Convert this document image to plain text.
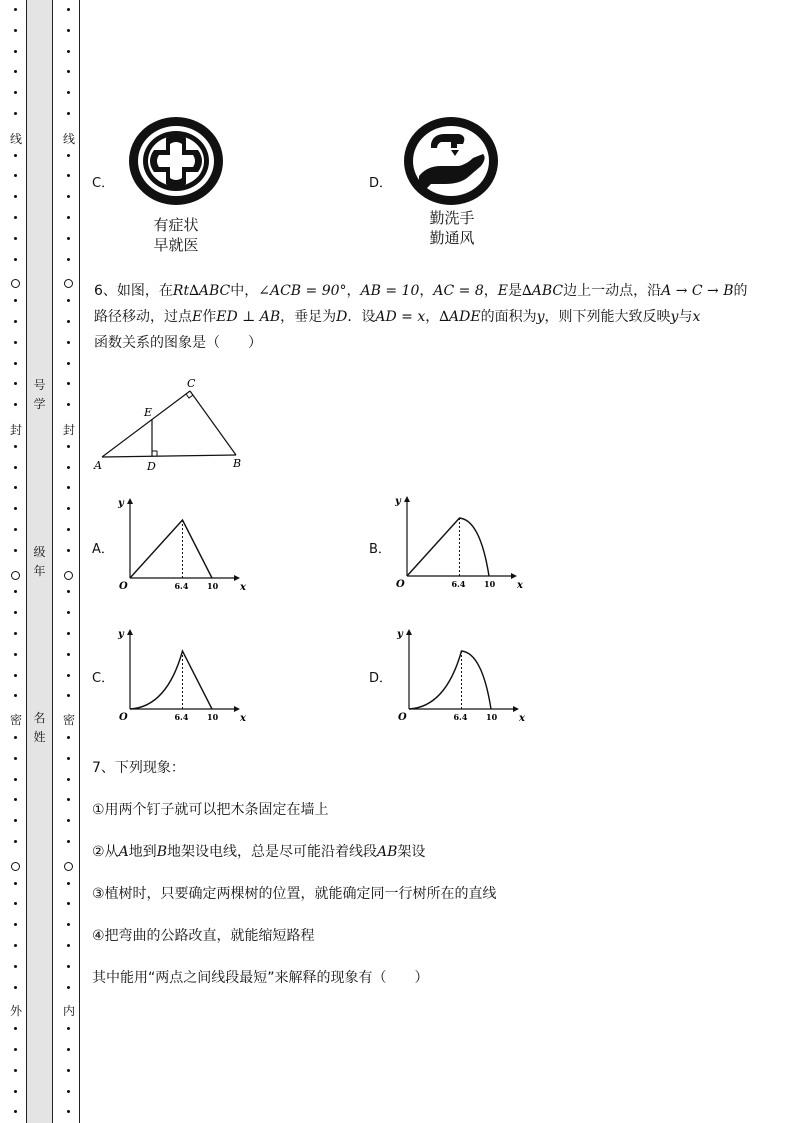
线
封
密
外
线
封
密
内
号
学
级
年
名
姓
C．
有症状
早就医
D．
勤洗手
勤通风
6、如图，在Rt∆ABC中，∠ACB = 90°，AB = 10，AC = 8，E是∆ABC边上一动点，沿A → C → B的
路径移动，过点E作ED ⊥ AB，垂足为D．设AD = x，∆ADE的面积为y，则下列能大致反映y与x
函数关系的图象是（　　）
A	B
C
D
E
A．
y
x
O	6.4 10
B．
y
x
O	6.4 10
C．
y
x
O	6.4 10
D．
y
x
O	6.4 10
7、下列现象：
①用两个钉子就可以把木条固定在墙上
②从A地到B地架设电线，总是尽可能沿着线段AB架设
③植树时，只要确定两棵树的位置，就能确定同一行树所在的直线
④把弯曲的公路改直，就能缩短路程
其中能用“两点之间线段最短”来解释的现象有（　　）
